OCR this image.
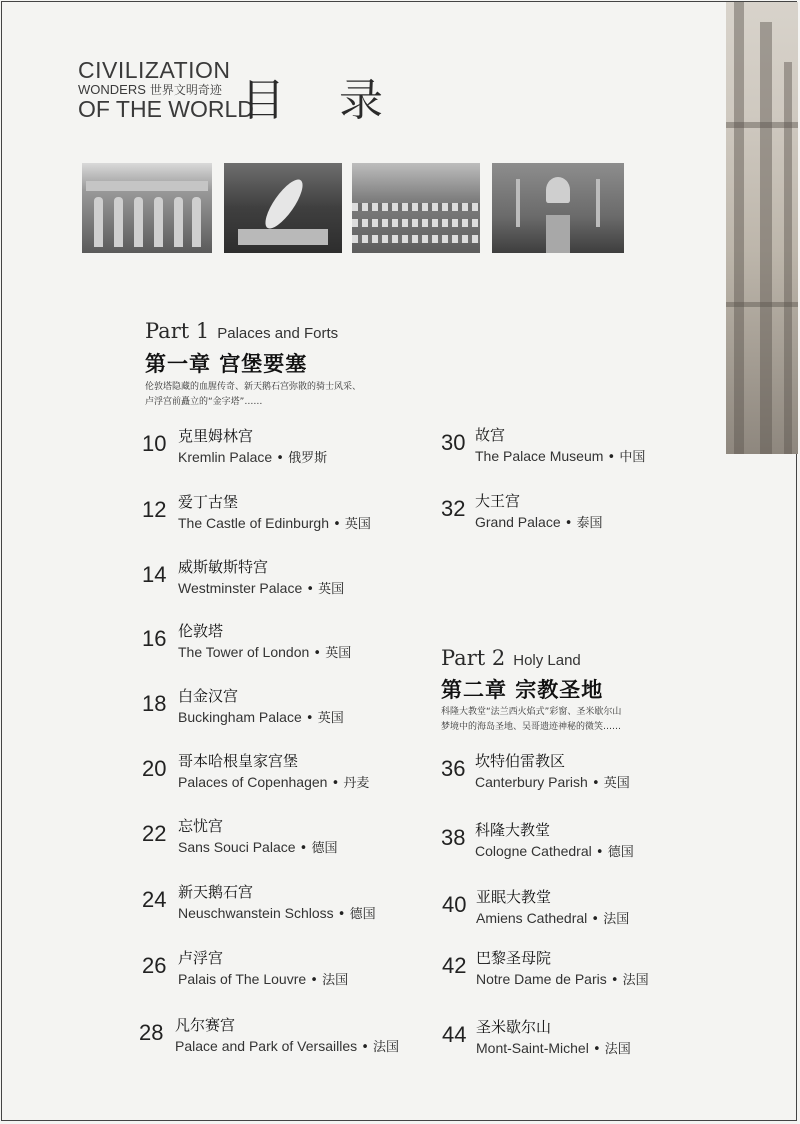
CIVILIZATION
WONDERS 世界文明奇迹
OF THE WORLD
目 录
Part 1 Palaces and Forts
第一章 宫堡要塞
伦敦塔隐藏的血腥传奇、新天鹅石宫弥散的骑士风采、
卢浮宫前矗立的“金字塔”……
Part 2 Holy Land
第二章 宗教圣地
科隆大教堂“法兰西火焰式”彩窗、圣米歇尔山
梦境中的海岛圣地、吴哥遗迹神秘的微笑……
10 克里姆林宫
Kremlin Palace • 俄罗斯
12 爱丁古堡
The Castle of Edinburgh • 英国
14 威斯敏斯特宫
Westminster Palace • 英国
16 伦敦塔
The Tower of London • 英国
18 白金汉宫
Buckingham Palace • 英国
20 哥本哈根皇家宫堡
Palaces of Copenhagen • 丹麦
22 忘忧宫
Sans Souci Palace • 德国
24 新天鹅石宫
Neuschwanstein Schloss • 德国
26 卢浮宫
Palais of The Louvre • 法国
28 凡尔赛宫
Palace and Park of Versailles • 法国
30 故宫
The Palace Museum • 中国
32 大王宫
Grand Palace • 泰国
36 坎特伯雷教区
Canterbury Parish • 英国
38 科隆大教堂
Cologne Cathedral • 德国
40 亚眠大教堂
Amiens Cathedral • 法国
42 巴黎圣母院
Notre Dame de Paris • 法国
44 圣米歇尔山
Mont-Saint-Michel • 法国
